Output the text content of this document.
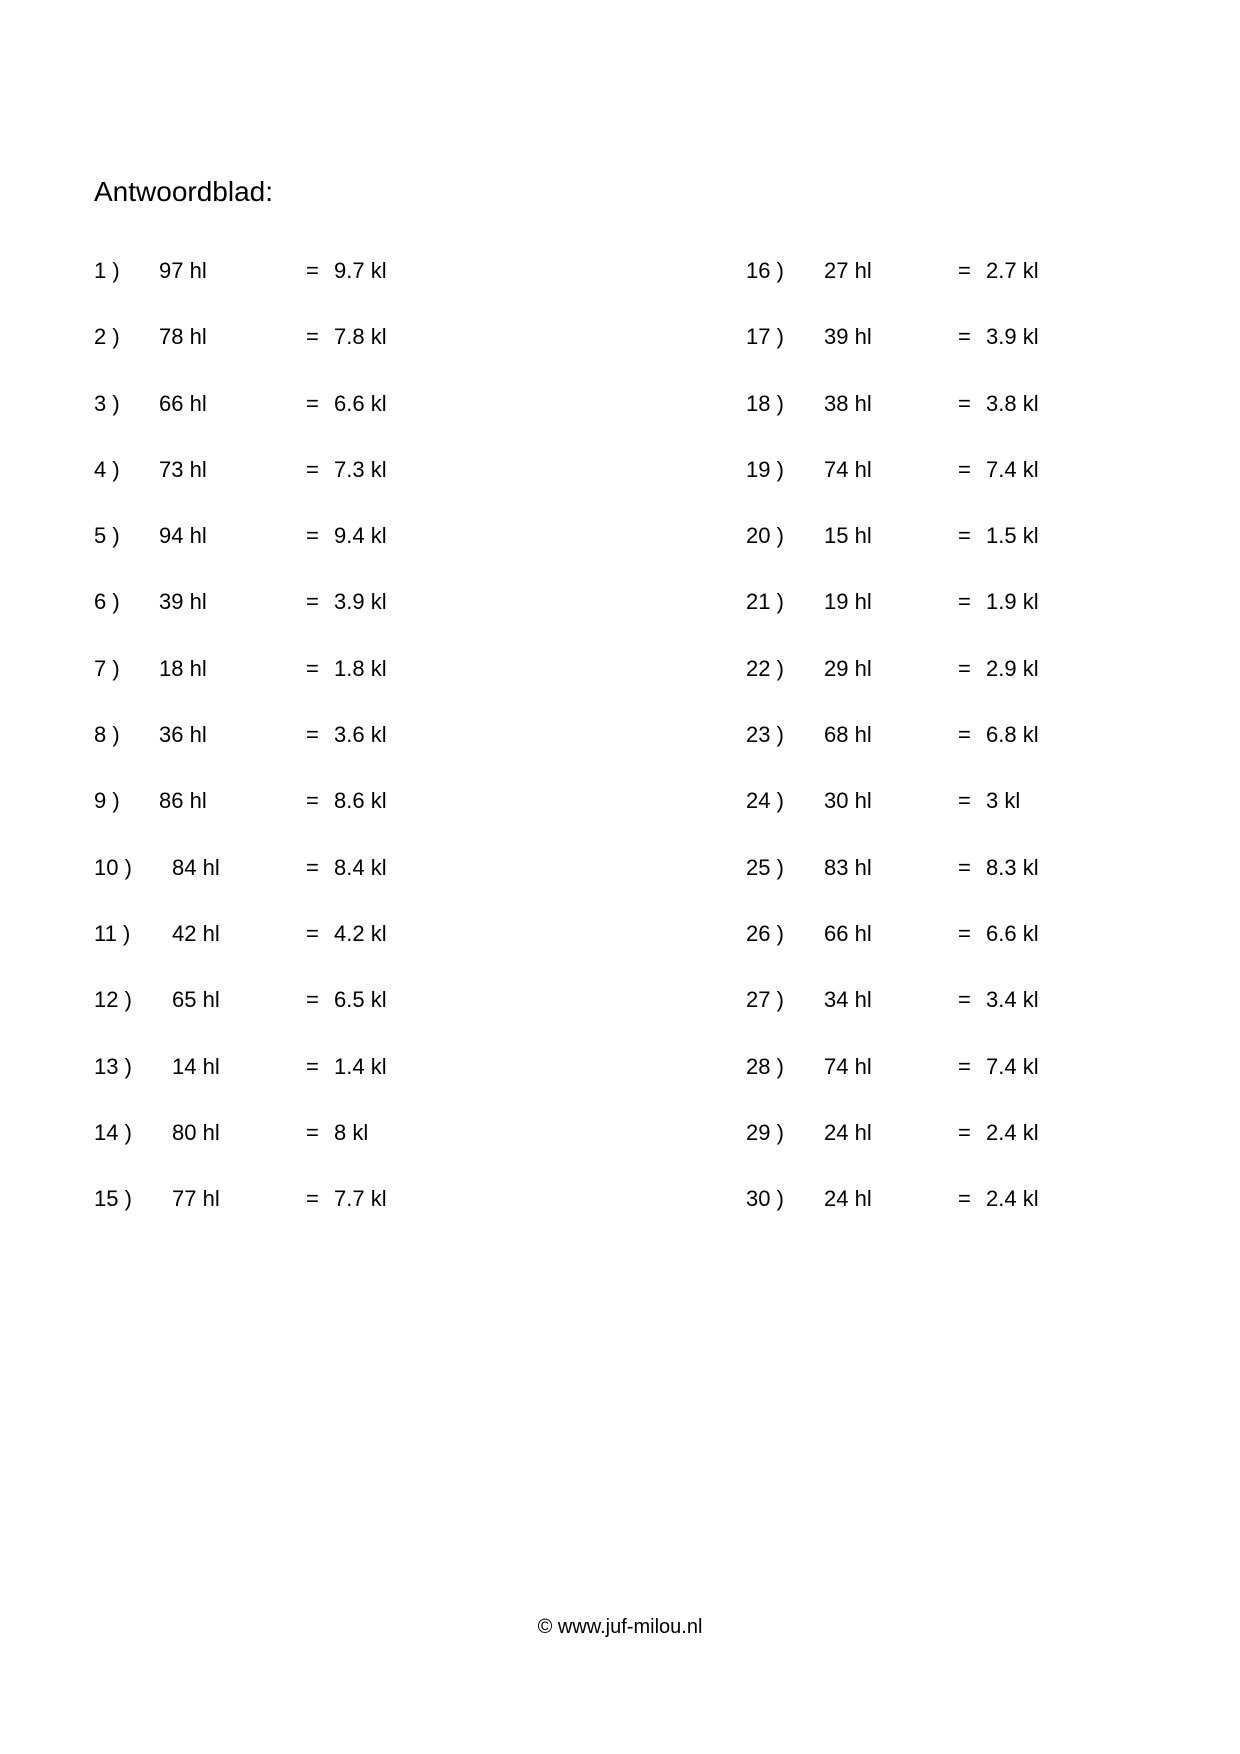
Antwoordblad:
1 ) 97 hl	= 9.7 kl
2 ) 78 hl	= 7.8 kl
3 ) 66 hl	= 6.6 kl
4 ) 73 hl	= 7.3 kl
5 ) 94 hl	= 9.4 kl
6 ) 39 hl	= 3.9 kl
7 ) 18 hl	= 1.8 kl
8 ) 36 hl	= 3.6 kl
9 ) 86 hl	= 8.6 kl
10 ) 84 hl	= 8.4 kl
11 ) 42 hl	= 4.2 kl
12 ) 65 hl	= 6.5 kl
13 ) 14 hl	= 1.4 kl
14 ) 80 hl	= 8 kl
15 ) 77 hl	= 7.7 kl
16 ) 27 hl	= 2.7 kl
17 ) 39 hl	= 3.9 kl
18 ) 38 hl	= 3.8 kl
19 ) 74 hl	= 7.4 kl
20 ) 15 hl	= 1.5 kl
21 ) 19 hl	= 1.9 kl
22 ) 29 hl	= 2.9 kl
23 ) 68 hl	= 6.8 kl
24 ) 30 hl	= 3 kl
25 ) 83 hl	= 8.3 kl
26 ) 66 hl	= 6.6 kl
27 ) 34 hl	= 3.4 kl
28 ) 74 hl	= 7.4 kl
29 ) 24 hl	= 2.4 kl
30 ) 24 hl	= 2.4 kl
© www.juf-milou.nl
